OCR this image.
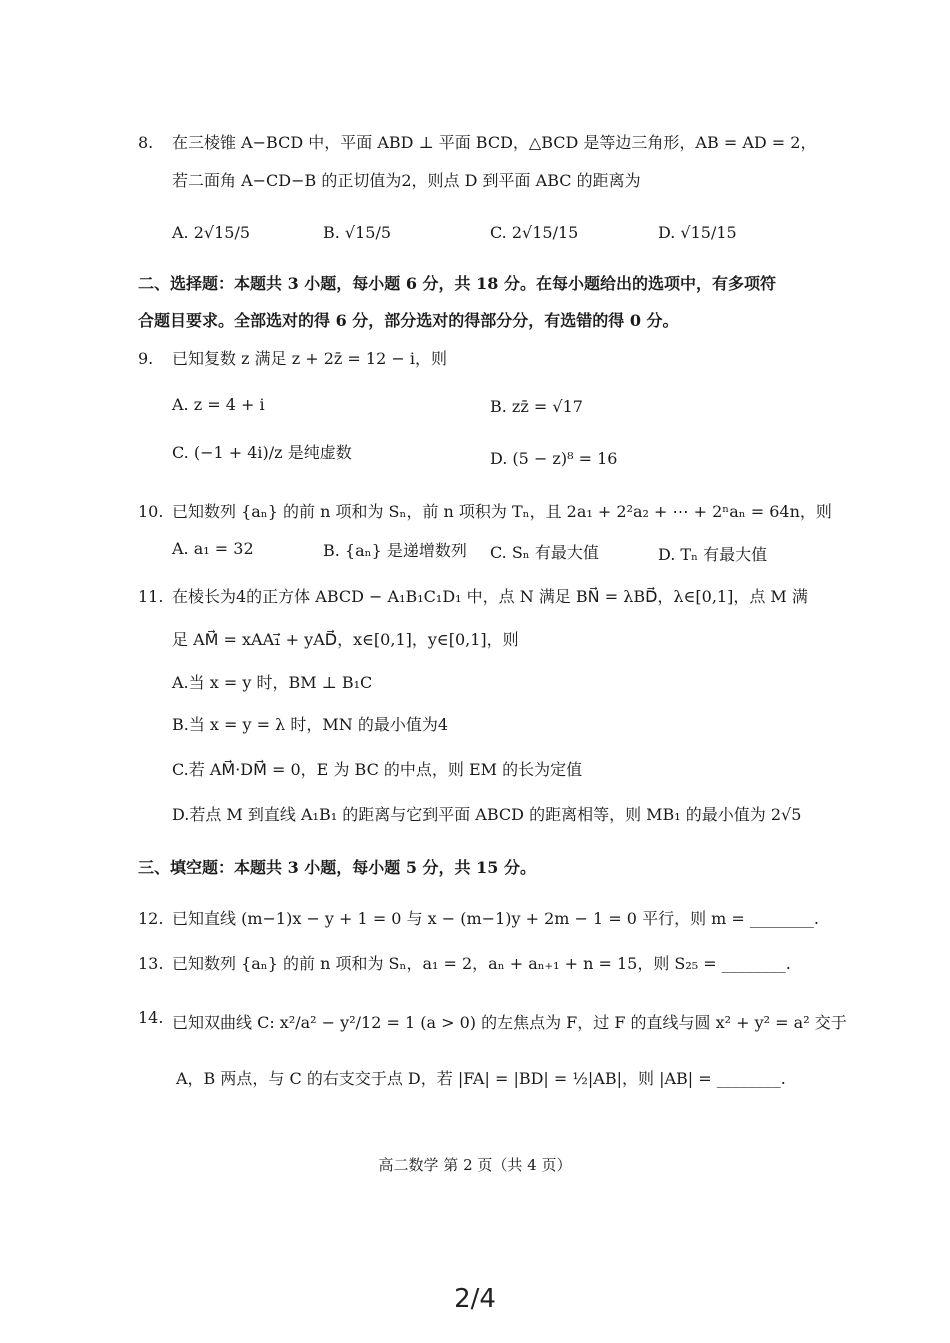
8. 在三棱锥 A−BCD 中，平面 ABD ⊥ 平面 BCD，△BCD 是等边三角形，AB = AD = 2，
若二面角 A−CD−B 的正切值为2，则点 D 到平面 ABC 的距离为
A. 2√15/5	B. √15/5	C. 2√15/15	D. √15/15
二、选择题：本题共 3 小题，每小题 6 分，共 18 分。在每小题给出的选项中，有多项符
合题目要求。全部选对的得 6 分，部分选对的得部分分，有选错的得 0 分。
9. 已知复数 z 满足 z + 2z̄ = 12 − i，则
A. z = 4 + i	B. zz̄ = √17
C. (−1 + 4i)/z 是纯虚数	D. (5 − z)⁸ = 16
10. 已知数列 {aₙ} 的前 n 项和为 Sₙ，前 n 项积为 Tₙ，且 2a₁ + 2²a₂ + ⋯ + 2ⁿaₙ = 64n，则
A. a₁ = 32	B. {aₙ} 是递增数列 C. Sₙ 有最大值	D. Tₙ 有最大值
11. 在棱长为4的正方体 ABCD − A₁B₁C₁D₁ 中，点 N 满足 BN⃗ = λBD⃗，λ∈[0,1]，点 M 满
足 AM⃗ = xAA₁⃗ + yAD⃗，x∈[0,1]，y∈[0,1]，则
A.当 x = y 时，BM ⊥ B₁C
B.当 x = y = λ 时，MN 的最小值为4
C.若 AM⃗·DM⃗ = 0，E 为 BC 的中点，则 EM 的长为定值
D.若点 M 到直线 A₁B₁ 的距离与它到平面 ABCD 的距离相等，则 MB₁ 的最小值为 2√5
三、填空题：本题共 3 小题，每小题 5 分，共 15 分。
12. 已知直线 (m−1)x − y + 1 = 0 与 x − (m−1)y + 2m − 1 = 0 平行，则 m = ________.
13. 已知数列 {aₙ} 的前 n 项和为 Sₙ，a₁ = 2，aₙ + aₙ₊₁ + n = 15，则 S₂₅ = ________.
14. 已知双曲线 C: x²/a² − y²/12 = 1 (a > 0) 的左焦点为 F，过 F 的直线与圆 x² + y² = a² 交于
A，B 两点，与 C 的右支交于点 D，若 |FA| = |BD| = ½|AB|，则 |AB| = ________.
高二数学 第 2 页（共 4 页）
2/4
